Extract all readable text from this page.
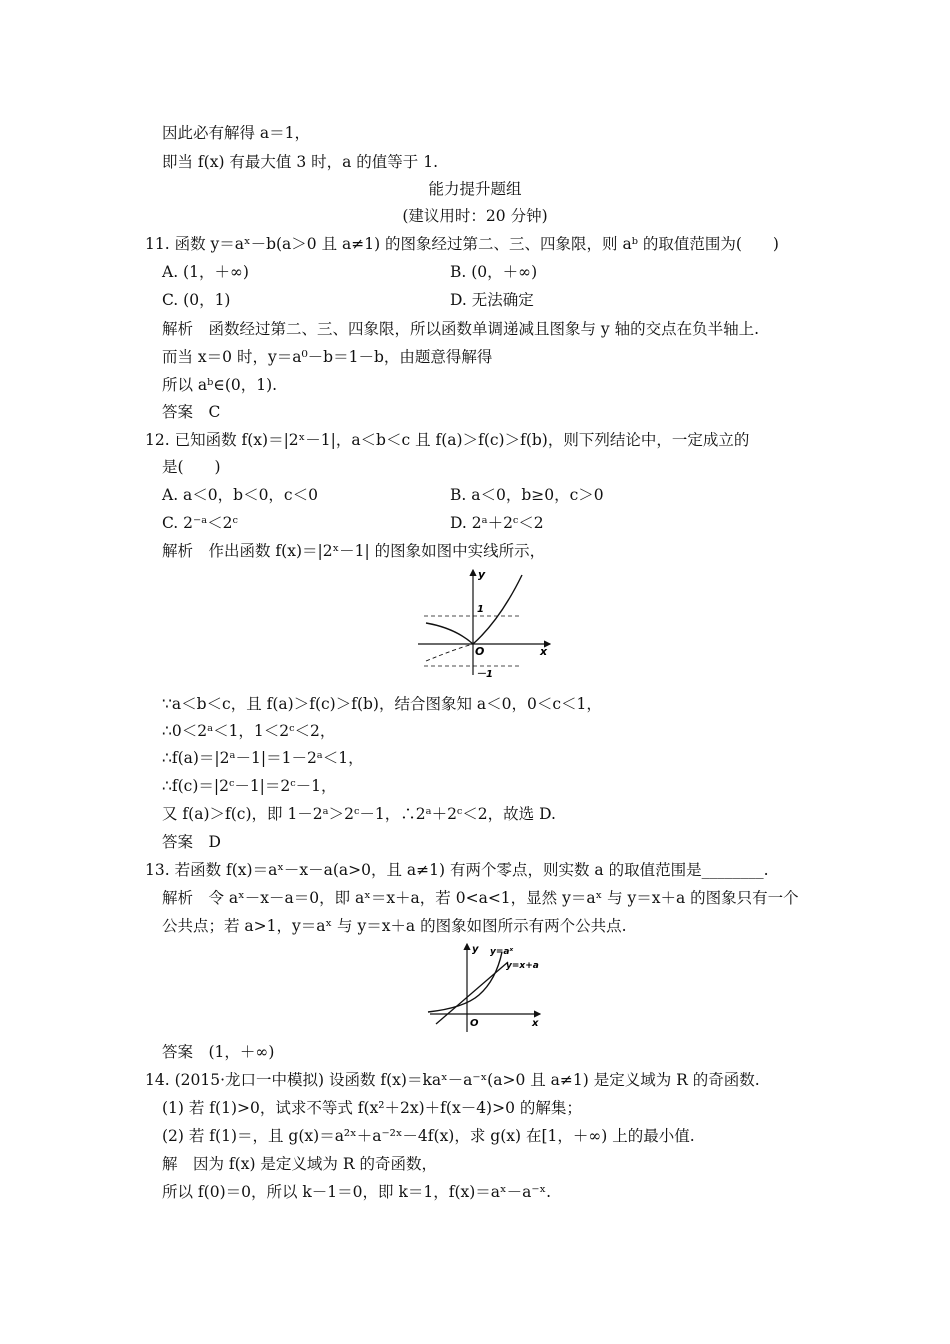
因此必有解得 a＝1，
即当 f(x) 有最大值 3 时，a 的值等于 1.
能力提升题组
(建议用时：20 分钟)
11. 函数 y＝aˣ－b(a＞0 且 a≠1) 的图象经过第二、三、四象限，则 aᵇ 的取值范围为(　　)
A. (1，＋∞)	B. (0，＋∞)
C. (0，1)	D. 无法确定
解析　函数经过第二、三、四象限，所以函数单调递减且图象与 y 轴的交点在负半轴上.
而当 x＝0 时，y＝a⁰－b＝1－b，由题意得解得
所以 aᵇ∈(0，1).
答案　C
12. 已知函数 f(x)＝|2ˣ－1|，a＜b＜c 且 f(a)＞f(c)＞f(b)，则下列结论中，一定成立的
是(　　)
A. a＜0，b＜0，c＜0	B. a＜0，b≥0，c＞0
C. 2⁻ᵃ＜2ᶜ	D. 2ᵃ＋2ᶜ＜2
解析　作出函数 f(x)＝|2ˣ－1| 的图象如图中实线所示，
y
x
O
1
－1
∵a＜b＜c，且 f(a)＞f(c)＞f(b)，结合图象知 a＜0，0＜c＜1，
∴0＜2ᵃ＜1，1＜2ᶜ＜2，
∴f(a)＝|2ᵃ－1|＝1－2ᵃ＜1，
∴f(c)＝|2ᶜ－1|＝2ᶜ－1，
又 f(a)＞f(c)，即 1－2ᵃ＞2ᶜ－1，∴2ᵃ＋2ᶜ＜2，故选 D.
答案　D
13. 若函数 f(x)＝aˣ－x－a(a>0，且 a≠1) 有两个零点，则实数 a 的取值范围是________.
解析　令 aˣ－x－a＝0，即 aˣ＝x＋a，若 0<a<1，显然 y＝aˣ 与 y＝x＋a 的图象只有一个
公共点；若 a>1，y＝aˣ 与 y＝x＋a 的图象如图所示有两个公共点.
y
x
O
y=aˣ
y=x+a
答案　(1，＋∞)
14. (2015·龙口一中模拟) 设函数 f(x)＝kaˣ－a⁻ˣ(a>0 且 a≠1) 是定义域为 R 的奇函数.
(1) 若 f(1)>0，试求不等式 f(x²＋2x)＋f(x－4)>0 的解集；
(2) 若 f(1)＝，且 g(x)＝a²ˣ＋a⁻²ˣ－4f(x)，求 g(x) 在[1，＋∞) 上的最小值.
解　因为 f(x) 是定义域为 R 的奇函数，
所以 f(0)＝0，所以 k－1＝0，即 k＝1，f(x)＝aˣ－a⁻ˣ.
